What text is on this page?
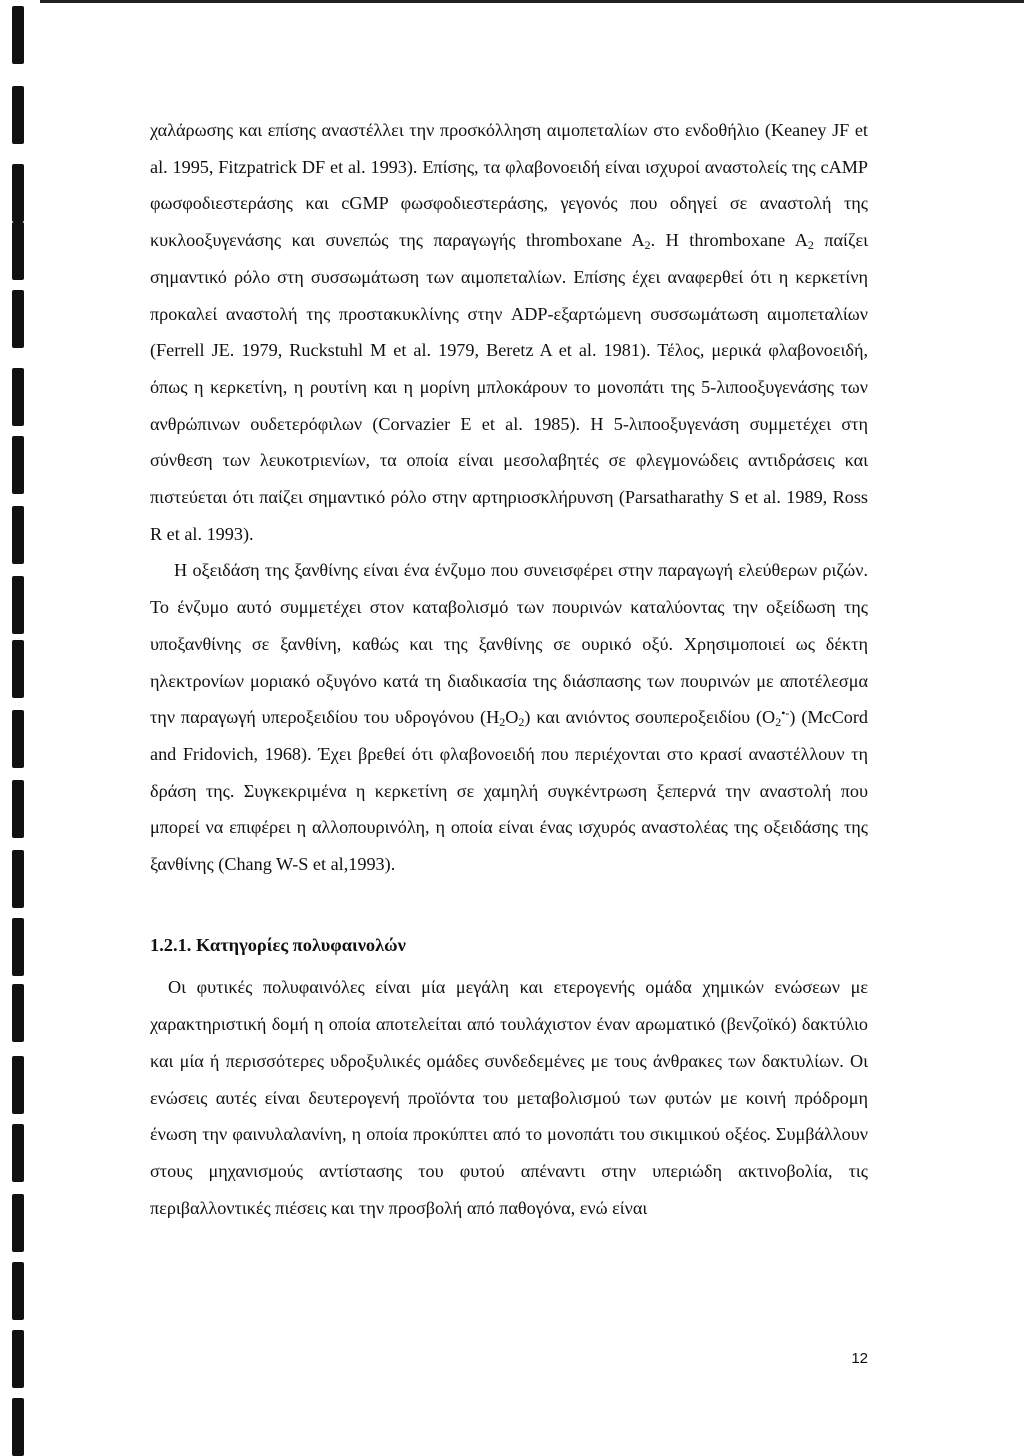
χαλάρωσης και επίσης αναστέλλει την προσκόλληση αιμοπεταλίων στο ενδοθήλιο (Keaney JF et al. 1995, Fitzpatrick DF et al. 1993). Επίσης, τα φλαβονοειδή είναι ισχυροί αναστολείς της cAMP φωσφοδιεστεράσης και cGMP φωσφοδιεστεράσης, γεγονός που οδηγεί σε αναστολή της κυκλοοξυγενάσης και συνεπώς της παραγωγής thromboxane $A_2$. H thromboxane $A_2$ παίζει σημαντικό ρόλο στη συσσωμάτωση των αιμοπεταλίων. Επίσης έχει αναφερθεί ότι η κερκετίνη προκαλεί αναστολή της προστακυκλίνης στην ADP-εξαρτώμενη συσσωμάτωση αιμοπεταλίων (Ferrell JE. 1979, Ruckstuhl M et al. 1979, Beretz A et al. 1981). Τέλος, μερικά φλαβονοειδή, όπως η κερκετίνη, η ρουτίνη και η μορίνη μπλοκάρουν το μονοπάτι της 5-λιποοξυγενάσης των ανθρώπινων ουδετερόφιλων (Corvazier E et al. 1985). Η 5-λιποοξυγενάση συμμετέχει στη σύνθεση των λευκοτριενίων, τα οποία είναι μεσολαβητές σε φλεγμονώδεις αντιδράσεις και πιστεύεται ότι παίζει σημαντικό ρόλο στην αρτηριοσκλήρυνση (Parsatharathy S et al. 1989, Ross R et al. 1993).

Η οξειδάση της ξανθίνης είναι ένα ένζυμο που συνεισφέρει στην παραγωγή ελεύθερων ριζών. Το ένζυμο αυτό συμμετέχει στον καταβολισμό των πουρινών καταλύοντας την οξείδωση της υποξανθίνης σε ξανθίνη, καθώς και της ξανθίνης σε ουρικό οξύ. Χρησιμοποιεί ως δέκτη ηλεκτρονίων μοριακό οξυγόνο κατά τη διαδικασία της διάσπασης των πουρινών με αποτέλεσμα την παραγωγή υπεροξειδίου του υδρογόνου $(H_2O_2)$ και ανιόντος σουπεροξειδίου $(O_2^{•-})$ (McCord and Fridovich, 1968). Έχει βρεθεί ότι φλαβονοειδή που περιέχονται στο κρασί αναστέλλουν τη δράση της. Συγκεκριμένα η κερκετίνη σε χαμηλή συγκέντρωση ξεπερνά την αναστολή που μπορεί να επιφέρει η αλλοπουρινόλη, η οποία είναι ένας ισχυρός αναστολέας της οξειδάσης της ξανθίνης (Chang W-S et al,1993).

1.2.1. Κατηγορίες πολυφαινολών

Οι φυτικές πολυφαινόλες είναι μία μεγάλη και ετερογενής ομάδα χημικών ενώσεων με χαρακτηριστική δομή η οποία αποτελείται από τουλάχιστον έναν αρωματικό (βενζοϊκό) δακτύλιο και μία ή περισσότερες υδροξυλικές ομάδες συνδεδεμένες με τους άνθρακες των δακτυλίων. Οι ενώσεις αυτές είναι δευτερογενή προϊόντα του μεταβολισμού των φυτών με κοινή πρόδρομη ένωση την φαινυλαλανίνη, η οποία προκύπτει από το μονοπάτι του σικιμικού οξέος. Συμβάλλουν στους μηχανισμούς αντίστασης του φυτού απέναντι στην υπεριώδη ακτινοβολία, τις περιβαλλοντικές πιέσεις και την προσβολή από παθογόνα, ενώ είναι

12
